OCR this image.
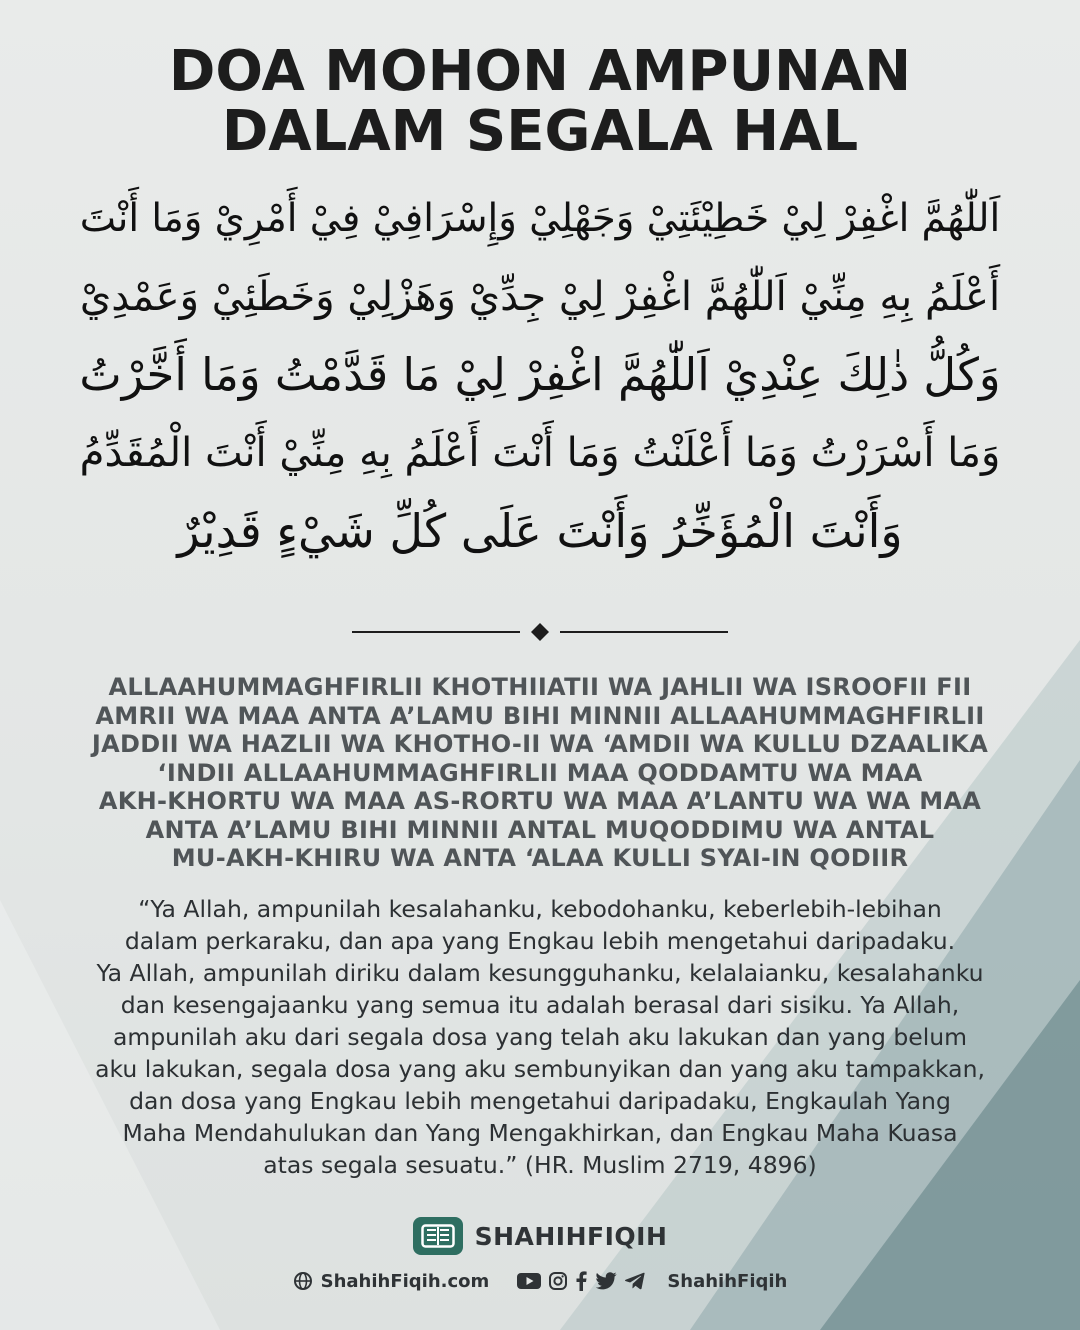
DOA MOHON AMPUNAN
DALAM SEGALA HAL
اَللّٰهُمَّ اغْفِرْ لِيْ خَطِيْئَتِيْ وَجَهْلِيْ وَإِسْرَافِيْ فِيْ أَمْرِيْ وَمَا أَنْتَ
أَعْلَمُ بِهِ مِنِّيْ اَللّٰهُمَّ اغْفِرْ لِيْ جِدِّيْ وَهَزْلِيْ وَخَطَئِيْ وَعَمْدِيْ
وَكُلُّ ذٰلِكَ عِنْدِيْ اَللّٰهُمَّ اغْفِرْ لِيْ مَا قَدَّمْتُ وَمَا أَخَّرْتُ
وَمَا أَسْرَرْتُ وَمَا أَعْلَنْتُ وَمَا أَنْتَ أَعْلَمُ بِهِ مِنِّيْ أَنْتَ الْمُقَدِّمُ
وَأَنْتَ الْمُؤَخِّرُ وَأَنْتَ عَلَى كُلِّ شَيْءٍ قَدِيْرٌ
ALLAAHUMMAGHFIRLII KHOTHIIATII WA JAHLII WA ISROOFII FII
AMRII WA MAA ANTA A’LAMU BIHI MINNII ALLAAHUMMAGHFIRLII
JADDII WA HAZLII WA KHOTHO-II WA ‘AMDII WA KULLU DZAALIKA
‘INDII ALLAAHUMMAGHFIRLII MAA QODDAMTU WA MAA
AKH-KHORTU WA MAA AS-RORTU WA MAA A’LANTU WA WA MAA
ANTA A’LAMU BIHI MINNII ANTAL MUQODDIMU WA ANTAL
MU-AKH-KHIRU WA ANTA ‘ALAA KULLI SYAI-IN QODIIR
“Ya Allah, ampunilah kesalahanku, kebodohanku, keberlebih-lebihan
dalam perkaraku, dan apa yang Engkau lebih mengetahui daripadaku.
Ya Allah, ampunilah diriku dalam kesungguhanku, kelalaianku, kesalahanku
dan kesengajaanku yang semua itu adalah berasal dari sisiku. Ya Allah,
ampunilah aku dari segala dosa yang telah aku lakukan dan yang belum
aku lakukan, segala dosa yang aku sembunyikan dan yang aku tampakkan,
dan dosa yang Engkau lebih mengetahui daripadaku, Engkaulah Yang
Maha Mendahulukan dan Yang Mengakhirkan, dan Engkau Maha Kuasa
atas segala sesuatu.” (HR. Muslim 2719, 4896)
SHAHIHFIQIH
ShahihFiqih.com	ShahihFiqih
